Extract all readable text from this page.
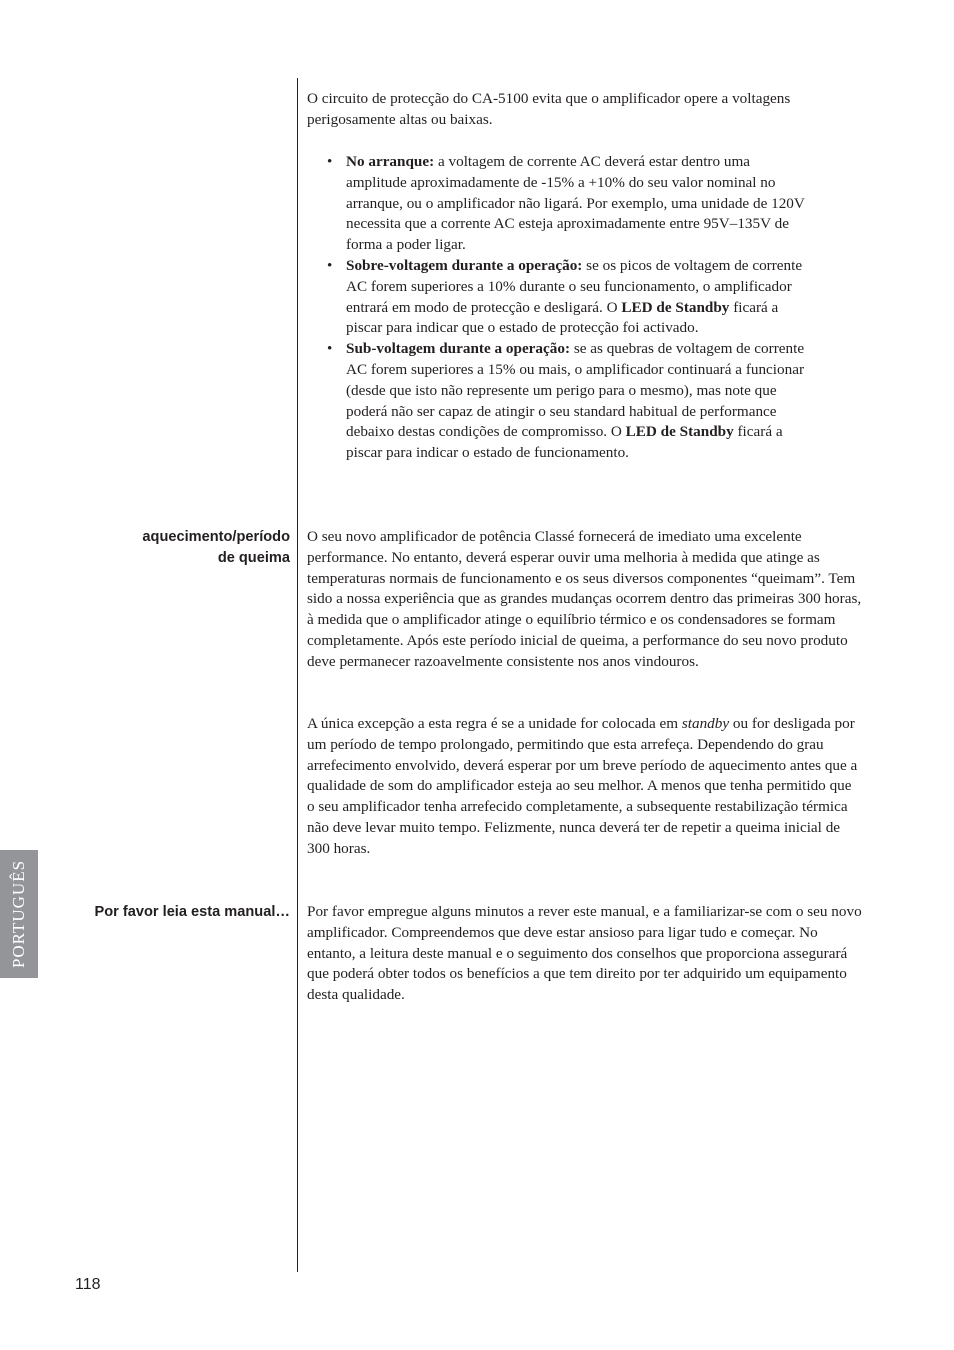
O circuito de protecção do CA-5100 evita que o amplificador opere a voltagens perigosamente altas ou baixas.

• No arranque: a voltagem de corrente AC deverá estar dentro uma amplitude aproximadamente de -15% a +10% do seu valor nominal no arranque, ou o amplificador não ligará. Por exemplo, uma unidade de 120V necessita que a corrente AC esteja aproximadamente entre 95V–135V de forma a poder ligar.
• Sobre-voltagem durante a operação: se os picos de voltagem de corrente AC forem superiores a 10% durante o seu funcionamento, o amplificador entrará em modo de protecção e desligará. O LED de Standby ficará a piscar para indicar que o estado de protecção foi activado.
• Sub-voltagem durante a operação: se as quebras de voltagem de corrente AC forem superiores a 15% ou mais, o amplificador continuará a funcionar (desde que isto não represente um perigo para o mesmo), mas note que poderá não ser capaz de atingir o seu standard habitual de performance debaixo destas condições de compromisso. O LED de Standby ficará a piscar para indicar o estado de funcionamento.
aquecimento/período
de queima

O seu novo amplificador de potência Classé fornecerá de imediato uma excelente performance. No entanto, deverá esperar ouvir uma melhoria à medida que atinge as temperaturas normais de funcionamento e os seus diversos componentes “queimam”. Tem sido a nossa experiência que as grandes mudanças ocorrem dentro das primeiras 300 horas, à medida que o amplificador atinge o equilíbrio térmico e os condensadores se formam completamente. Após este período inicial de queima, a performance do seu novo produto deve permanecer razoavelmente consistente nos anos vindouros.

A única excepção a esta regra é se a unidade for colocada em standby ou for desligada por um período de tempo prolongado, permitindo que esta arrefeça. Dependendo do grau arrefecimento envolvido, deverá esperar por um breve período de aquecimento antes que a qualidade de som do amplificador esteja ao seu melhor. A menos que tenha permitido que o seu amplificador tenha arrefecido completamente, a subsequente restabilização térmica não deve levar muito tempo. Felizmente, nunca deverá ter de repetir a queima inicial de 300 horas.

Por favor leia esta manual… Por favor empregue alguns minutos a rever este manual, e a familiarizar-se com o seu novo amplificador. Compreendemos que deve estar ansioso para ligar tudo e começar. No entanto, a leitura deste manual e o seguimento dos conselhos que proporciona assegurará que poderá obter todos os benefícios a que tem direito por ter adquirido um equipamento desta qualidade.

PORTUGUÊS
118
